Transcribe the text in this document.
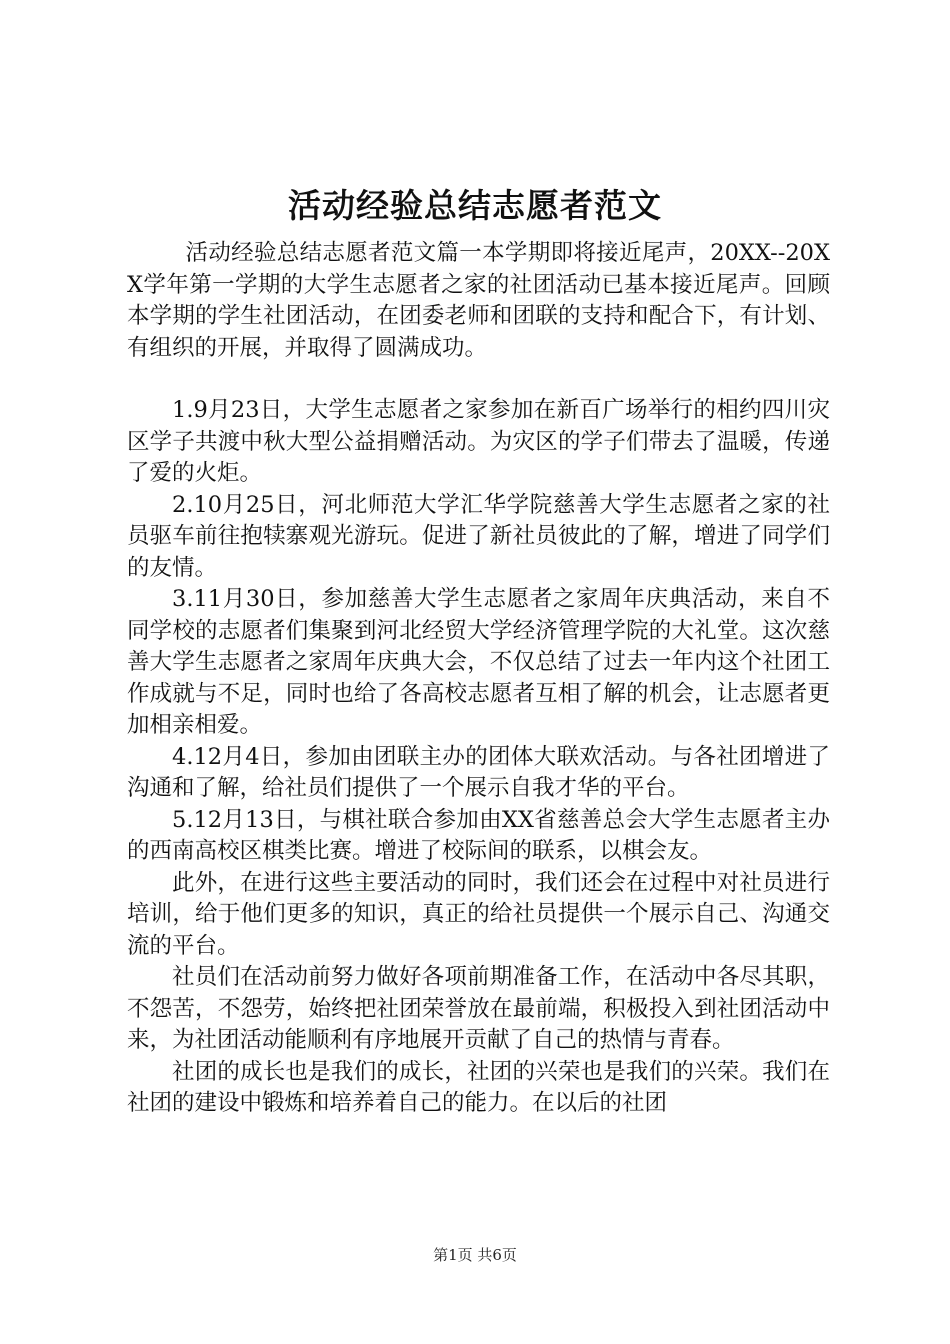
活动经验总结志愿者范文

活动经验总结志愿者范文篇一本学期即将接近尾声，20XX--20XX学年第一学期的大学生志愿者之家的社团活动已基本接近尾声。回顾本学期的学生社团活动，在团委老师和团联的支持和配合下，有计划、有组织的开展，并取得了圆满成功。

1.9月23日，大学生志愿者之家参加在新百广场举行的相约四川灾区学子共渡中秋大型公益捐赠活动。为灾区的学子们带去了温暖，传递了爱的火炬。

2.10月25日，河北师范大学汇华学院慈善大学生志愿者之家的社员驱车前往抱犊寨观光游玩。促进了新社员彼此的了解，增进了同学们的友情。

3.11月30日，参加慈善大学生志愿者之家周年庆典活动，来自不同学校的志愿者们集聚到河北经贸大学经济管理学院的大礼堂。这次慈善大学生志愿者之家周年庆典大会，不仅总结了过去一年内这个社团工作成就与不足，同时也给了各高校志愿者互相了解的机会，让志愿者更加相亲相爱。

4.12月4日，参加由团联主办的团体大联欢活动。与各社团增进了沟通和了解，给社员们提供了一个展示自我才华的平台。

5.12月13日，与棋社联合参加由XX省慈善总会大学生志愿者主办的西南高校区棋类比赛。增进了校际间的联系，以棋会友。

此外，在进行这些主要活动的同时，我们还会在过程中对社员进行培训，给于他们更多的知识，真正的给社员提供一个展示自己、沟通交流的平台。

社员们在活动前努力做好各项前期准备工作，在活动中各尽其职，不怨苦，不怨劳，始终把社团荣誉放在最前端，积极投入到社团活动中来，为社团活动能顺利有序地展开贡献了自己的热情与青春。

社团的成长也是我们的成长，社团的兴荣也是我们的兴荣。我们在社团的建设中锻炼和培养着自己的能力。在以后的社团

第1页 共6页
